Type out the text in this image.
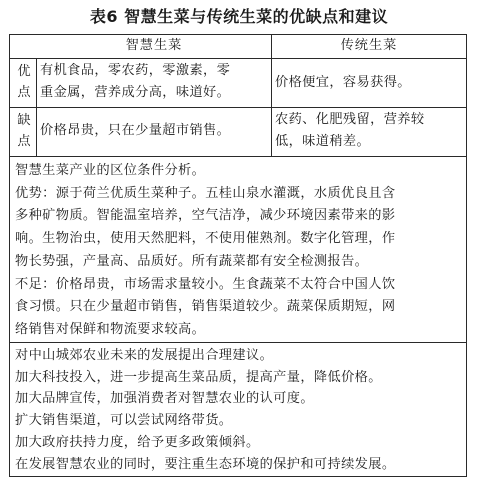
表6 智慧生菜与传统生菜的优缺点和建议
智慧生菜	传统生菜
优
点
有机食品，零农药，零激素，零
重金属，营养成分高，味道好。
价格便宜，容易获得。
缺
点
价格昂贵，只在少量超市销售。
农药、化肥残留，营养较
低，味道稍差。
智慧生菜产业的区位条件分析。
优势：源于荷兰优质生菜种子。五桂山泉水灌溉，水质优良且含
多种矿物质。智能温室培养，空气洁净，减少环境因素带来的影
响。生物治虫，使用天然肥料，不使用催熟剂。数字化管理，作
物长势强，产量高、品质好。所有蔬菜都有安全检测报告。
不足：价格昂贵，市场需求量较小。生食蔬菜不太符合中国人饮
食习惯。只在少量超市销售，销售渠道较少。蔬菜保质期短，网
络销售对保鲜和物流要求较高。
对中山城郊农业未来的发展提出合理建议。
加大科技投入，进一步提高生菜品质，提高产量，降低价格。
加大品牌宣传，加强消费者对智慧农业的认可度。
扩大销售渠道，可以尝试网络带货。
加大政府扶持力度，给予更多政策倾斜。
在发展智慧农业的同时，要注重生态环境的保护和可持续发展。
